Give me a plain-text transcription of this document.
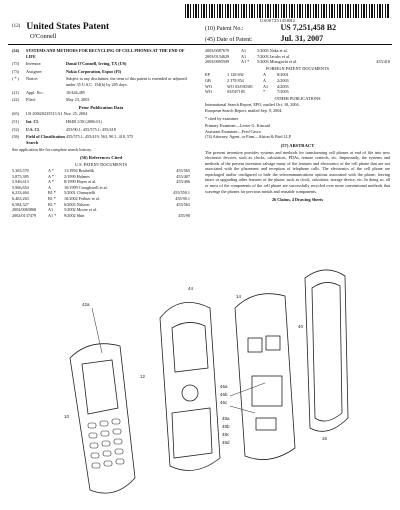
US007251458B2
(12) United States Patent
O'Connell
(10) Patent No.:	US 7,251,458 B2
(45) Date of Patent:	Jul. 31, 2007
(54)	SYSTEMS AND METHODS FOR RECYCLING OF CELL PHONES AT THE END OF LIFE
(75)	Inventor:	Donal O'Connell, Irving, TX (US)
(73)	Assignee:	Nokia Corporation, Espoo (FI)
( * )	Notice:	Subject to any disclaimer, the term of this patent is extended or adjusted under 35 U.S.C. 154(b) by 205 days.
(21)	Appl. No.:	10/444,485
(22)	Filed:	May 23, 2003
Prior Publication Data
(65)	US 2004/0235513 A1 Nov. 25, 2004
(51)	Int. Cl.	H04B 1/38 (2006.01)
(52)	U.S. Cl.	455/90.1; 455/575.1; 455/418
(58)	Field of Classification Search
455/575.1, 455/419, 563, 90.1, 418, 575
See application file for complete search history.
(56) References Cited
U.S. PATENT DOCUMENTS
5,365,570	A *	11/1994 Boubelik	455/565
5,875,395	A *	2/1999 Holmes	455/407
5,946,613	A *	8/1999 Hayes et al.	455/406
5,966,654	A	10/1999 Croughwell et al.
6,233,464	B1 *	5/2001 Chmaytelli	455/550.1
6,463,263	B1 *	10/2002 Feilner et al.	455/90.1
6,584,327	B1 *	6/2003 Nilsson	455/563
2002/0065868	A1	5/2002 Moore et al.
2002/0137479	A1 *	9/2002 Shin	455/90
2003/0087679	A1	5/2003 Naka et al.
2003/0134629	A1	7/2003 Jacobs et al.
2003/0095509	A1 *	5/2003 Mizuguchi et al.	455/418
FOREIGN PATENT DOCUMENTS
EP	1 128 692	A	8/2001
GB	2 378 854	A	2/2003
WO	WO 03/030381	A1	4/2003
WO	03/047185	*	7/2003
OTHER PUBLICATIONS
International Search Report, EPO, mailed Oct. 18, 2004.
European Search Report, mailed Sep. 9, 2004.
* cited by examiner
Primary Examiner—Lester G. Kincaid
Assistant Examiner—Fred Casca
(74) Attorney, Agent, or Firm—Alston & Bird LLP
(57) ABSTRACT
The present invention provides systems and methods for transforming cell phones at end of life into new electronic devices, such as clocks, calculators, PDAs, remote controls, etc. Importantly, the systems and methods of the present invention salvage many of the features and electronics of the cell phone that are not associated with the placement and reception of telephone calls. The electronics of the cell phone are repackaged and/or configured to hide the telecommunications options associated with the phone, leaving intact or upgrading other features of the phone, such as clock, calculator, storage device, etc. In doing so, all or most of the components of the cell phone are successfully recycled over more conventional methods that scavenge the phones for precious metals and reusable components.
26 Claims, 4 Drawing Sheets
42a
44
46a
46b
46c
48a
48b
48c
48d
40
10
12
14
16
